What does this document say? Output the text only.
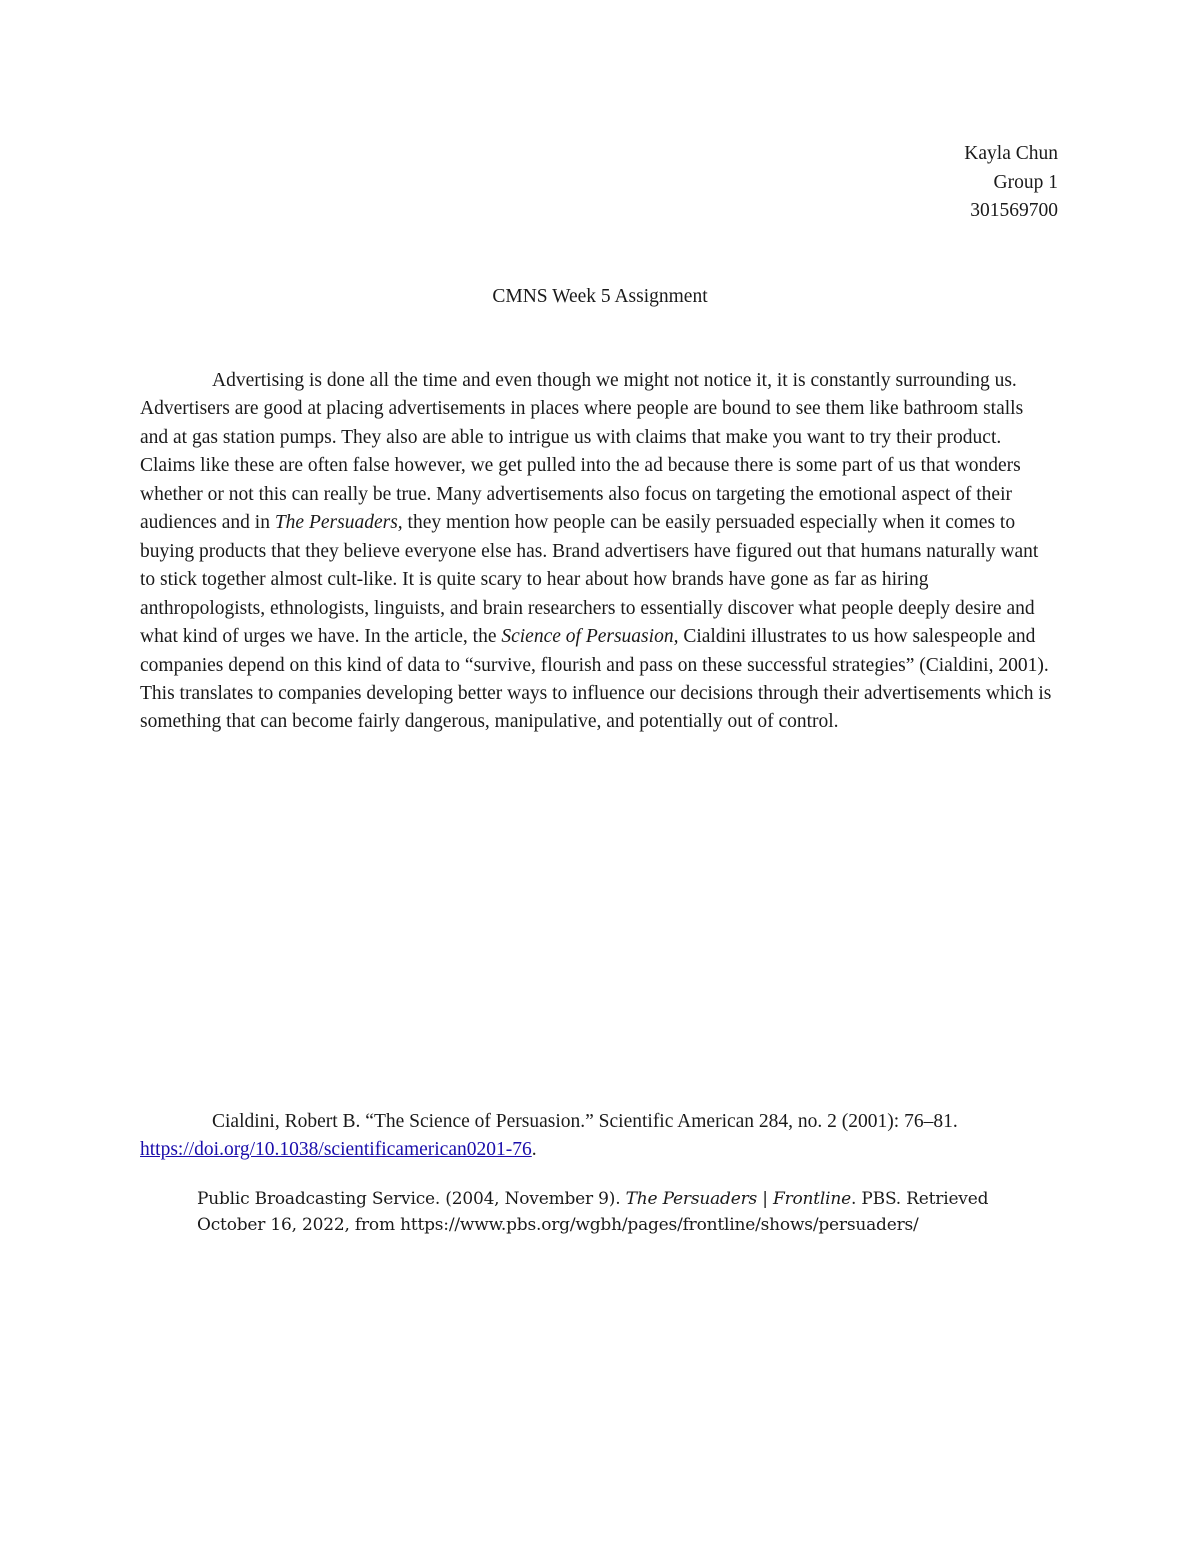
Kayla Chun
Group 1
301569700
CMNS Week 5 Assignment

Advertising is done all the time and even though we might not notice it, it is constantly surrounding us. Advertisers are good at placing advertisements in places where people are bound to see them like bathroom stalls and at gas station pumps. They also are able to intrigue us with claims that make you want to try their product. Claims like these are often false however, we get pulled into the ad because there is some part of us that wonders whether or not this can really be true. Many advertisements also focus on targeting the emotional aspect of their audiences and in The Persuaders, they mention how people can be easily persuaded especially when it comes to buying products that they believe everyone else has. Brand advertisers have figured out that humans naturally want to stick together almost cult-like. It is quite scary to hear about how brands have gone as far as hiring anthropologists, ethnologists, linguists, and brain researchers to essentially discover what people deeply desire and what kind of urges we have. In the article, the Science of Persuasion, Cialdini illustrates to us how salespeople and companies depend on this kind of data to “survive, flourish and pass on these successful strategies” (Cialdini, 2001). This translates to companies developing better ways to influence our decisions through their advertisements which is something that can become fairly dangerous, manipulative, and potentially out of control.

Cialdini, Robert B. “The Science of Persuasion.” Scientific American 284, no. 2 (2001): 76–81. https://doi.org/10.1038/scientificamerican0201-76.

Public Broadcasting Service. (2004, November 9). The Persuaders | Frontline. PBS. Retrieved October 16, 2022, from https://www.pbs.org/wgbh/pages/frontline/shows/persuaders/
